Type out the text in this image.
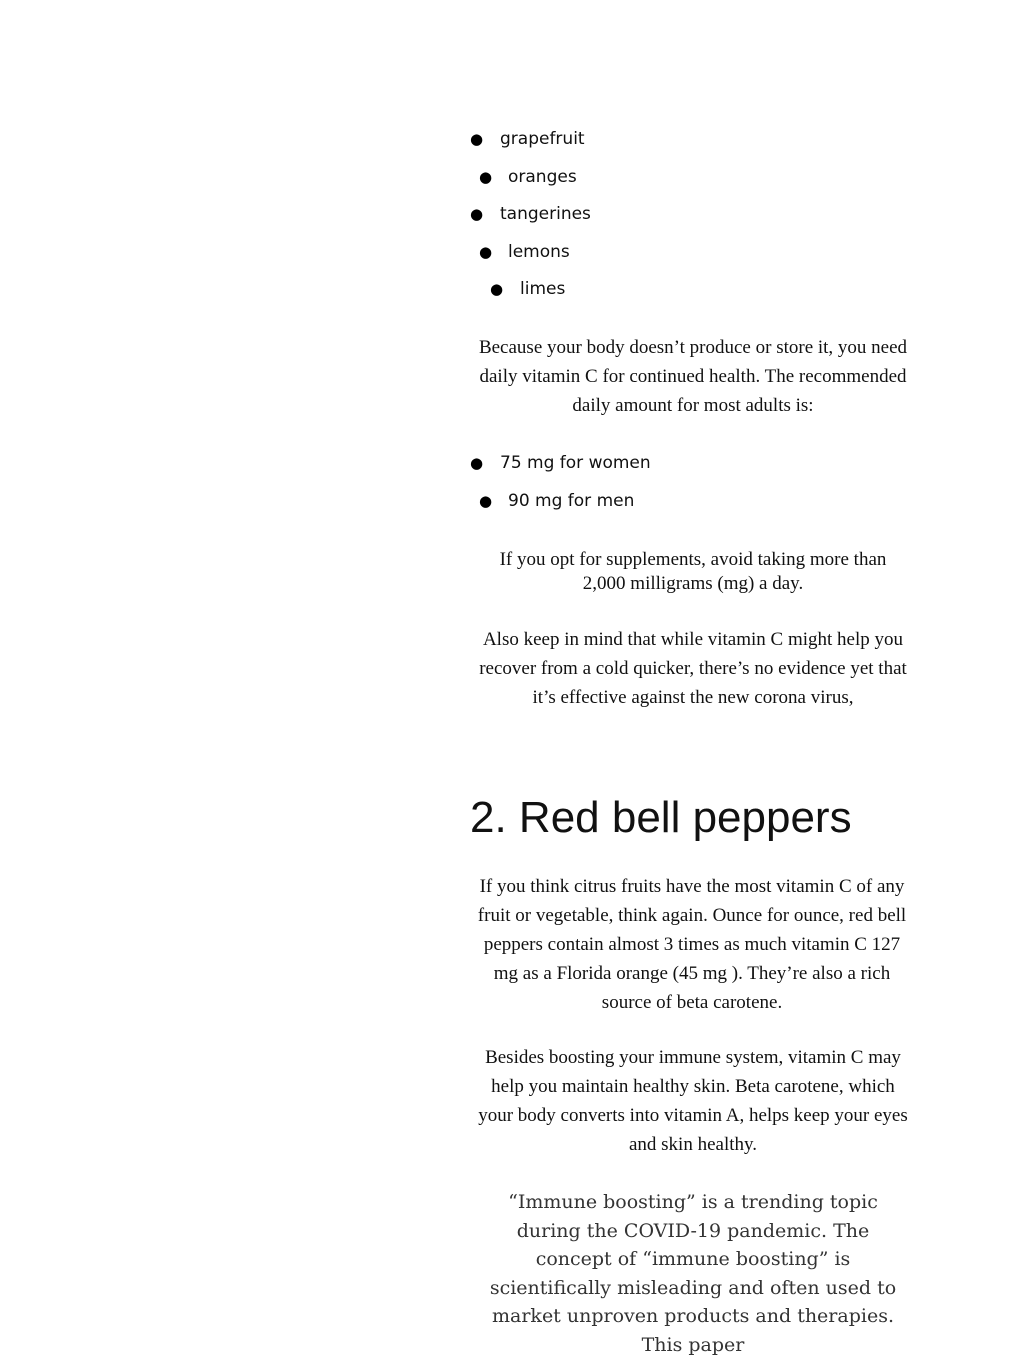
● grapefruit
● oranges
● tangerines
● lemons
● limes

Because your body doesn’t produce or store it, you need daily vitamin C for continued health. The recommended daily amount for most adults is:

● 75 mg for women
● 90 mg for men

If you opt for supplements, avoid taking more than 2,000 milligrams (mg) a day.

Also keep in mind that while vitamin C might help you recover from a cold quicker, there’s no evidence yet that it’s effective against the new corona virus,

2. Red bell peppers

If you think citrus fruits have the most vitamin C of any fruit or vegetable, think again. Ounce for ounce, red bell peppers contain almost 3 times as much vitamin C 127 mg as a Florida orange (45 mg ). They’re also a rich source of beta carotene.

Besides boosting your immune system, vitamin C may help you maintain healthy skin. Beta carotene, which your body converts into vitamin A, helps keep your eyes and skin healthy.

“Immune boosting” is a trending topic during the COVID-19 pandemic. The concept of “immune boosting” is scientifically misleading and often used to market unproven products and therapies. This paper
